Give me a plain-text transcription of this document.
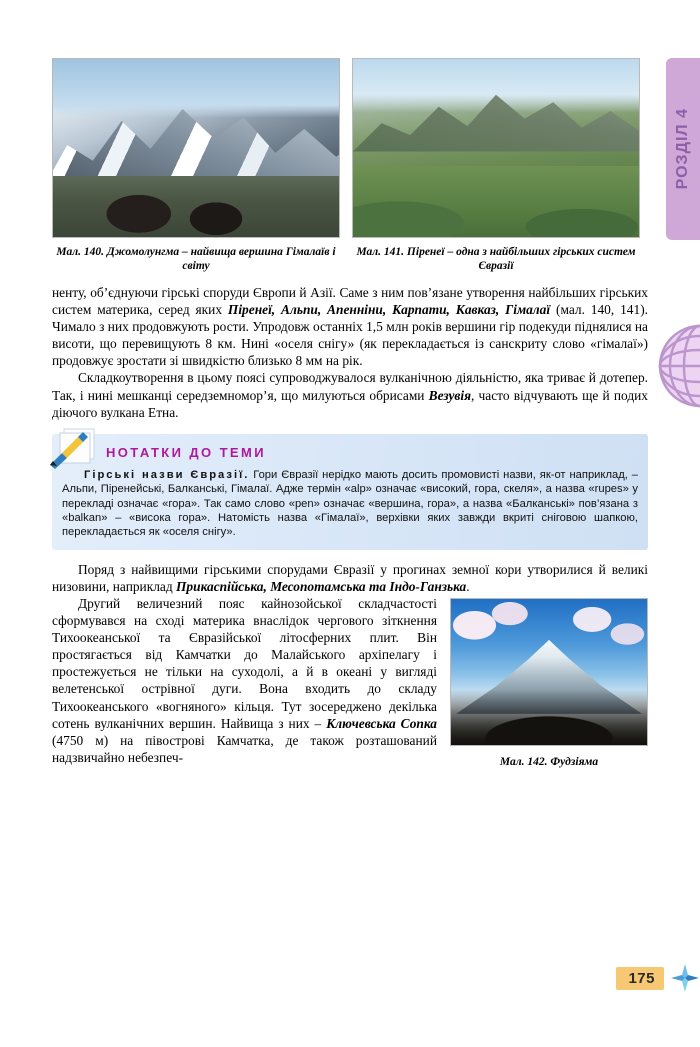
РОЗДІЛ 4
Мал. 140. Джомолунгма – найвища вершина Гімалаїв і світу
Мал. 141. Піренеї – одна з найбільших гірських систем Євразії

ненту, об’єднуючи гірські споруди Європи й Азії. Саме з ним пов’язане утворення найбільших гірських систем материка, серед яких Піренеї, Альпи, Апенніни, Карпати, Кавказ, Гімалаї (мал. 140, 141). Чимало з них продовжують рости. Упродовж останніх 1,5 млн років вершини гір подекуди піднялися на висоти, що перевищують 8 км. Нині «оселя снігу» (як перекладається із санскриту слово «гімалаї») продовжує зростати зі швидкістю близько 8 мм на рік.

Складкоутворення в цьому поясі супроводжувалося вулканічною діяльністю, яка триває й дотепер. Так, і нині мешканці середземномор’я, що милуються обрисами Везувія, часто відчувають ще й подих діючого вулкана Етна.

НОТАТКИ ДО ТЕМИ
Гірські назви Євразії. Гори Євразії нерідко мають досить промовисті назви, як-от наприклад, – Альпи, Піренейські, Балканські, Гімалаї. Адже термін «alp» означає «високий, гора, скеля», а назва «rupes» у перекладі означає «гора». Так само слово «pen» означає «вершина, гора», а назва «Балканські» пов’язана з «balkan» – «висока гора». Натомість назва «Гімалаї», верхівки яких завжди вкриті сніговою шапкою, перекладається як «оселя снігу».

Поряд з найвищими гірськими спорудами Євразії у прогинах земної кори утворилися й великі низовини, наприклад Прикаспійська, Месопотамська та Індо-Ганзька.

Мал. 142. Фудзіяма

Другий величезний пояс кайнозойської складчастості сформувався на сході материка внаслідок чергового зіткнення Тихоокеанської та Євразійської літосферних плит. Він простягається від Камчатки до Малайського архіпелагу і простежується не тільки на суходолі, а й в океані у вигляді велетенської острівної дуги. Вона входить до складу Тихоокеанського «вогняного» кільця. Тут зосереджено декілька сотень вулканічних вершин. Найвища з них – Ключевська Сопка (4750 м) на півострові Камчатка, де також розташований надзвичайно небезпеч-

175
